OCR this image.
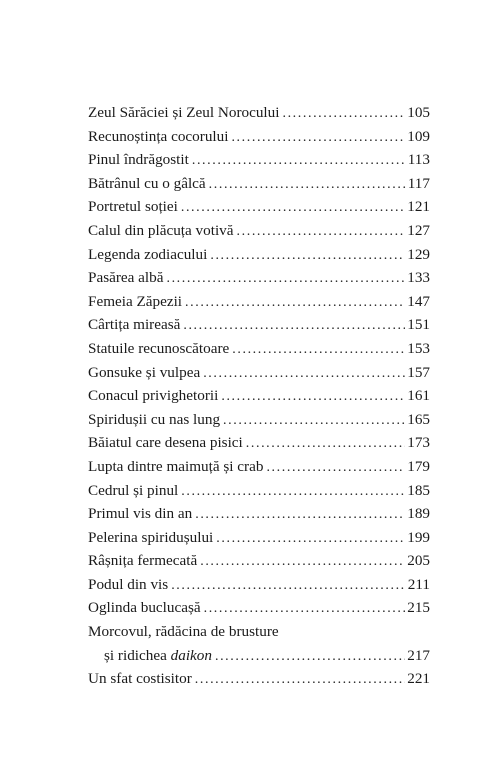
Zeul Sărăciei și Zeul Norocului .....	105
Recunoștința cocorului .....	109
Pinul îndrăgostit .....	113
Bătrânul cu o gâlcă .....	117
Portretul soției .....	121
Calul din plăcuța votivă .....	127
Legenda zodiacului .....	129
Pasărea albă .....	133
Femeia Zăpezii .....	147
Cârtița mireasă .....	151
Statuile recunoscătoare .....	153
Gonsuke și vulpea .....	157
Conacul privighetorii .....	161
Spiridușii cu nas lung .....	165
Băiatul care desena pisici .....	173
Lupta dintre maimuță și crab .....	179
Cedrul și pinul .....	185
Primul vis din an .....	189
Pelerina spiridușului .....	199
Râșnița fermecată .....	205
Podul din vis .....	211
Oglinda buclucașă .....	215
Morcovul, rădăcina de brusture
și ridichea daikon .....	217
Un sfat costisitor .....	221
